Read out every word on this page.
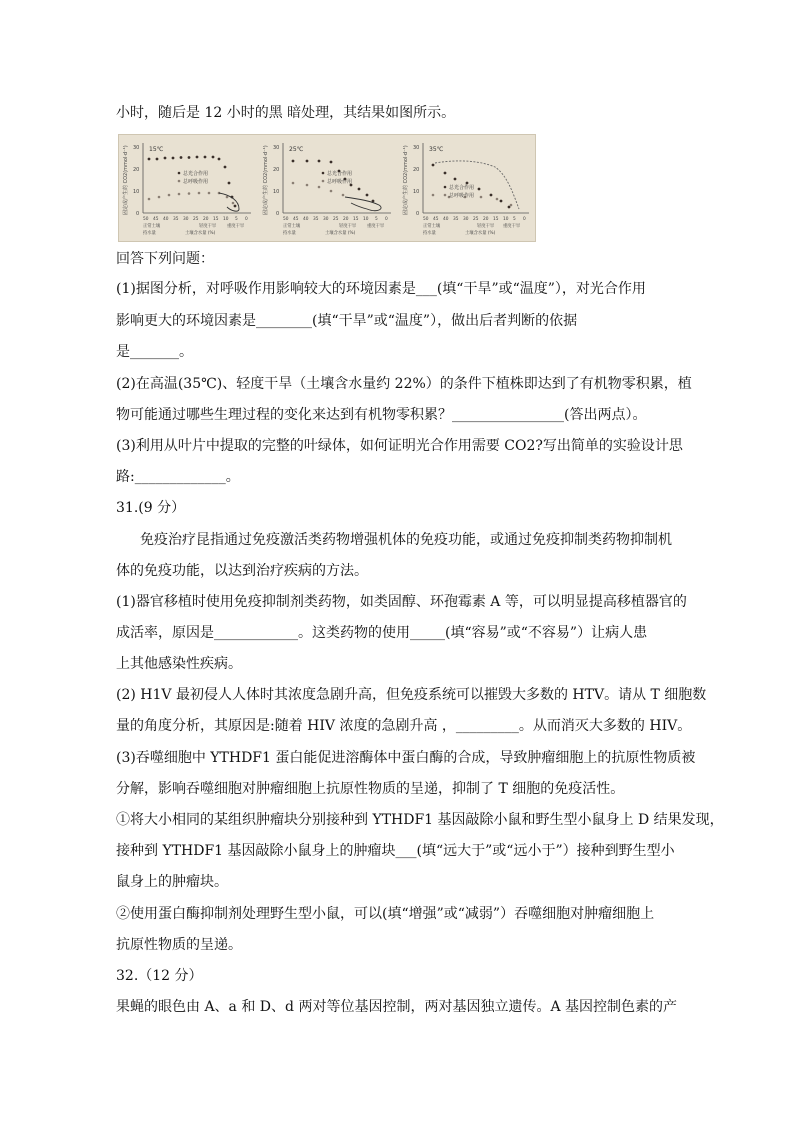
小时，随后是 12 小时的黑 暗处理，其结果如图所示。
固定或产生的 CO2(mmol·d⁻¹) 30
20
10
0
15℃
总光合作用
总呼吸作用
50 45 40 35 30 25 20 15 10 5 0
正常土壤	轻度干旱	重度干旱
持水量	土壤含水量 (%)
固定或产生的 CO2(mmol·d⁻¹) 30
20
10
0
25℃
总光合作用
总呼吸作用
50 45 40 35 30 25 20 15 10 5 0
正常土壤	轻度干旱	重度干旱
持水量	土壤含水量 (%)
固定或产生的 CO2(mmol·d⁻¹) 30
20
10
0
35℃
总光合作用
总呼吸作用
50 45 40 35 30 25 20 15 10 5 0
正常土壤	轻度干旱 重度干旱
持水量	土壤含水量 (%)
回答下列问题：
(1)据图分析，对呼吸作用影响较大的环境因素是___(填“干旱”或“温度”），对光合作用
影响更大的环境因素是________(填“干旱”或“温度”），做出后者判断的依据
是_______。
(2)在高温(35℃)、轻度干旱（土壤含水量约 22%）的条件下植株即达到了有机物零积累，植
物可能通过哪些生理过程的变化来达到有机物零积累？________________(答出两点）。
(3)利用从叶片中提取的完整的叶绿体，如何证明光合作用需要 CO2?写出简单的实验设计思
路:_____________。
31.(9 分）
免疫治疗昆指通过免疫激活类药物增强机体的免疫功能，或通过免疫抑制类药物抑制机
体的免疫功能，以达到治疗疾病的方法。
(1)器官移植时使用免疫抑制剂类药物，如类固醇、环孢霉素 A 等，可以明显提高移植器官的
成活率，原因是____________。这类药物的使用_____(填“容易”或“不容易”）让病人患
上其他感染性疾病。
(2) H1V 最初侵人人体时其浓度急剧升高，但免疫系统可以摧毁大多数的 HTV。请从 T 细胞数
量的角度分析，其原因是:随着 HIV 浓度的急剧升高 ，_________。从而消灭大多数的 HIV。
(3)吞噬细胞中 YTHDF1 蛋白能促进溶酶体中蛋白酶的合成，导致肿瘤细胞上的抗原性物质被
分解，影响吞噬细胞对肿瘤细胞上抗原性物质的呈递，抑制了 T 细胞的免疫活性。
①将大小相同的某组织肿瘤块分别接种到 YTHDF1 基因敲除小鼠和野生型小鼠身上 D 结果发现，
接种到 YTHDF1 基因敲除小鼠身上的肿瘤块___(填“远大于”或“远小于”）接种到野生型小
鼠身上的肿瘤块。
②使用蛋白酶抑制剂处理野生型小鼠，可以(填“增强”或“减弱”）吞噬细胞对肿瘤细胞上
抗原性物质的呈递。
32.（12 分）
果蝇的眼色由 A、a 和 D、d 两对等位基因控制，两对基因独立遗传。A 基因控制色素的产
